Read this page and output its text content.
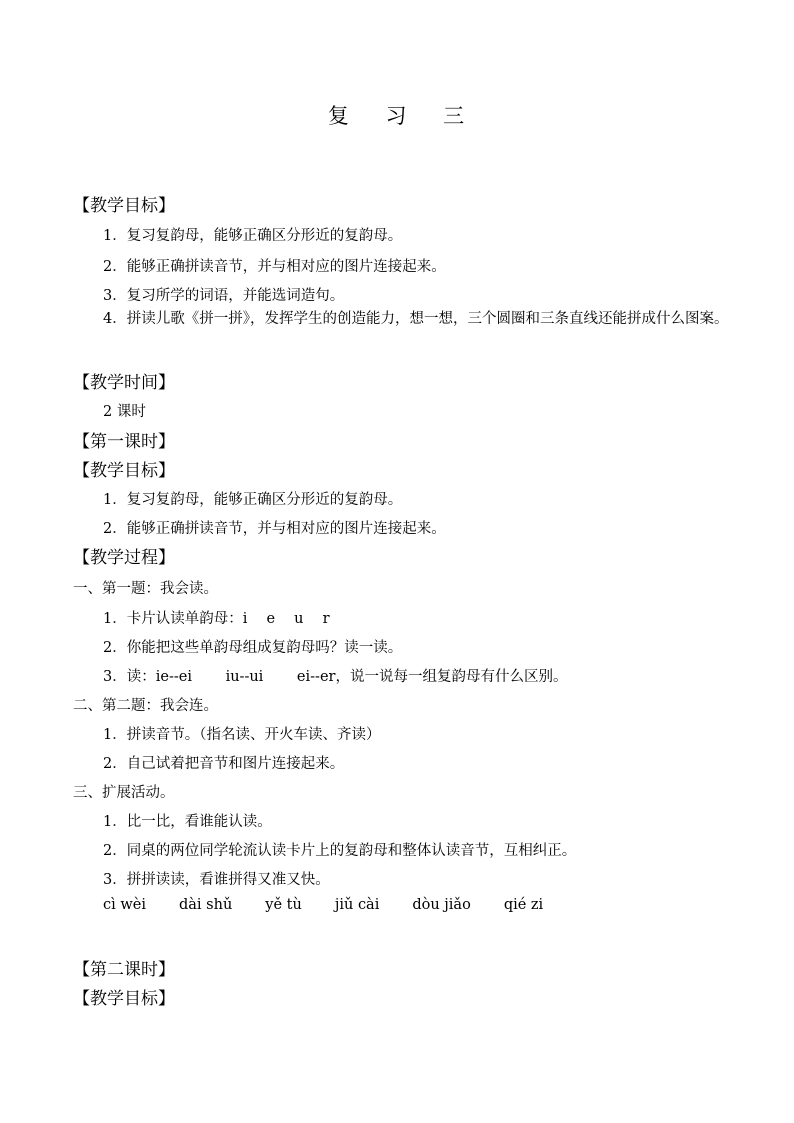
复 习 三
【教学目标】
1．复习复韵母，能够正确区分形近的复韵母。
2．能够正确拼读音节，并与相对应的图片连接起来。
3．复习所学的词语，并能选词造句。
4．拼读儿歌《拼一拼》，发挥学生的创造能力，想一想，三个圆圈和三条直线还能拼成什么图案。
【教学时间】
2 课时
【第一课时】
【教学目标】
1．复习复韵母，能够正确区分形近的复韵母。
2．能够正确拼读音节，并与相对应的图片连接起来。
【教学过程】
一、第一题：我会读。
1．卡片认读单韵母：i　 e　 u　 r
2．你能把这些单韵母组成复韵母吗？读一读。
3．读：ie--ei　　 iu--ui　　 ei--er，说一说每一组复韵母有什么区别。
二、第二题：我会连。
1．拼读音节。（指名读、开火车读、齐读）
2．自己试着把音节和图片连接起来。
三、扩展活动。
1．比一比，看谁能认读。
2．同桌的两位同学轮流认读卡片上的复韵母和整体认读音节，互相纠正。
3．拼拼读读，看谁拼得又准又快。
cì wèi dài shǔ yě tù jiǔ cài dòu jiǎo qié zi
【第二课时】
【教学目标】
